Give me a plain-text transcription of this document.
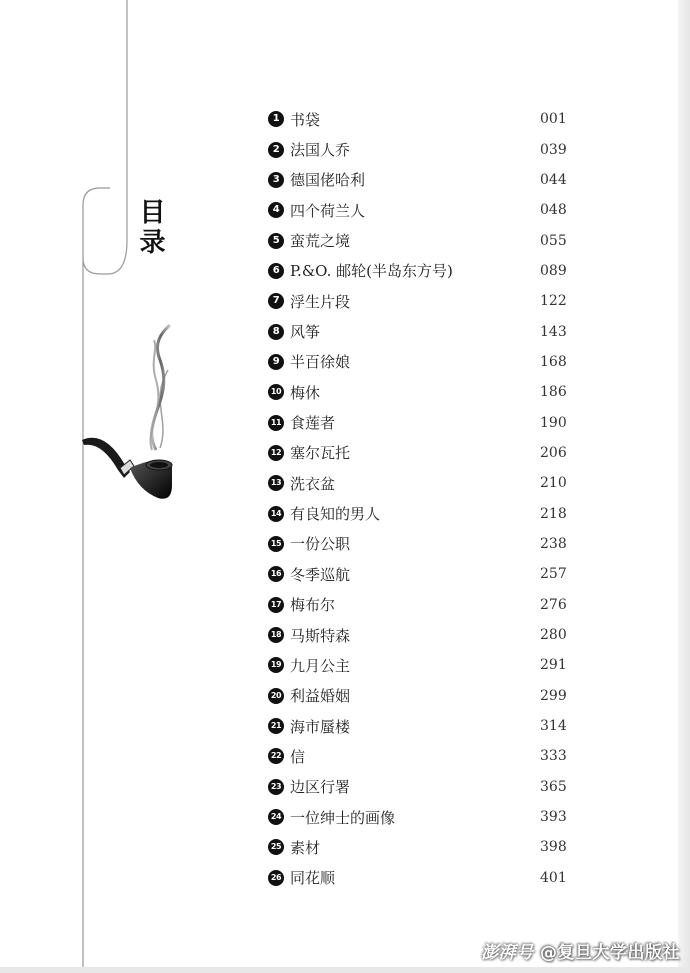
目录
1 书袋	001
2 法国人乔	039
3 德国佬哈利	044
4 四个荷兰人	048
5 蛮荒之境	055
6 P.&O. 邮轮(半岛东方号)	089
7 浮生片段	122
8 风筝	143
9 半百徐娘	168
10 梅休	186
11 食莲者	190
12 塞尔瓦托	206
13 洗衣盆	210
14 有良知的男人	218
15 一份公职	238
16 冬季巡航	257
17 梅布尔	276
18 马斯特森	280
19 九月公主	291
20 利益婚姻	299
21 海市蜃楼	314
22 信	333
23 边区行署	365
24 一位绅士的画像	393
25 素材	398
26 同花顺	401
澎湃号 @复旦大学出版社
